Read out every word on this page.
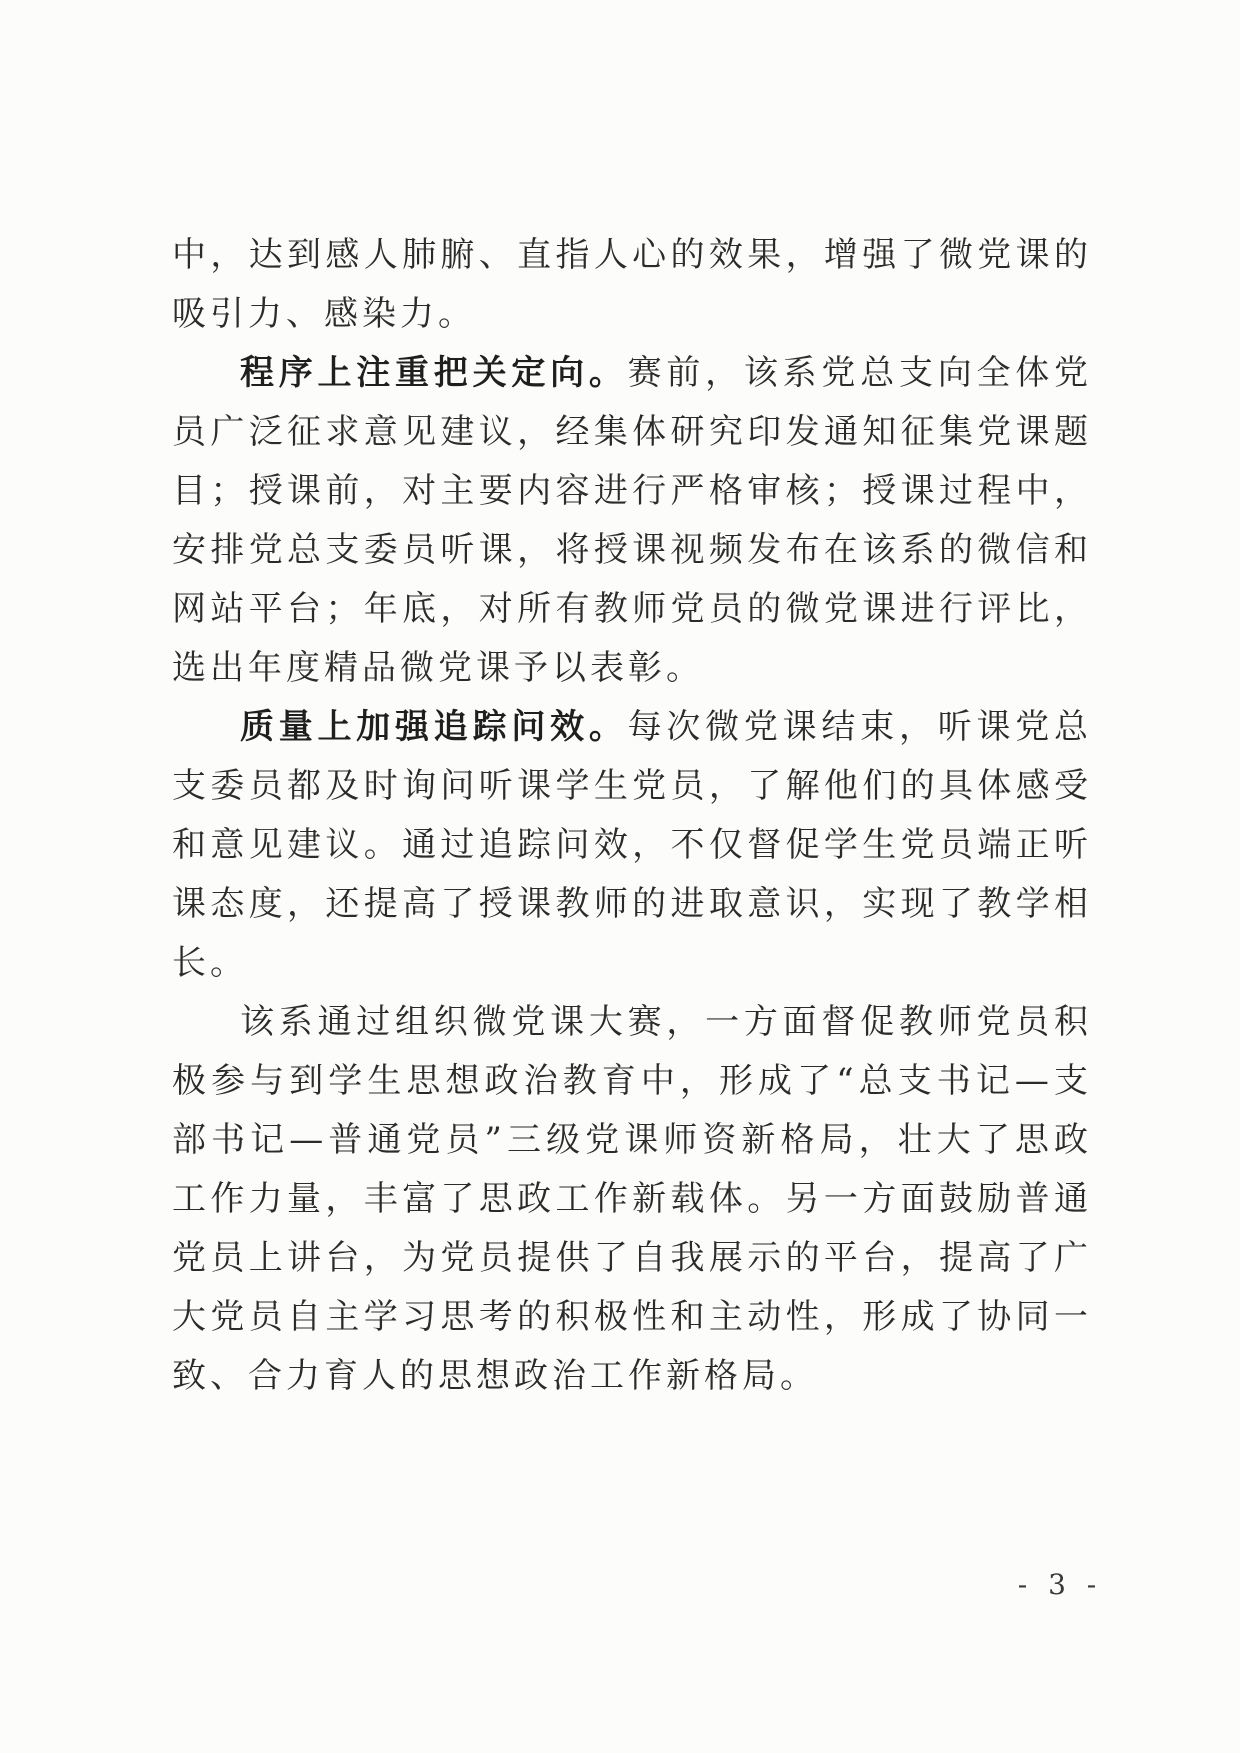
中，达到感人肺腑、直指人心的效果，增强了微党课的吸引力、感染力。

程序上注重把关定向。赛前，该系党总支向全体党员广泛征求意见建议，经集体研究印发通知征集党课题目；授课前，对主要内容进行严格审核；授课过程中，安排党总支委员听课，将授课视频发布在该系的微信和网站平台；年底，对所有教师党员的微党课进行评比，选出年度精品微党课予以表彰。

质量上加强追踪问效。每次微党课结束，听课党总支委员都及时询问听课学生党员，了解他们的具体感受和意见建议。通过追踪问效，不仅督促学生党员端正听课态度，还提高了授课教师的进取意识，实现了教学相长。

该系通过组织微党课大赛，一方面督促教师党员积极参与到学生思想政治教育中，形成了“总支书记—支部书记—普通党员”三级党课师资新格局，壮大了思政工作力量，丰富了思政工作新载体。另一方面鼓励普通党员上讲台，为党员提供了自我展示的平台，提高了广大党员自主学习思考的积极性和主动性，形成了协同一致、合力育人的思想政治工作新格局。

- 3 -
